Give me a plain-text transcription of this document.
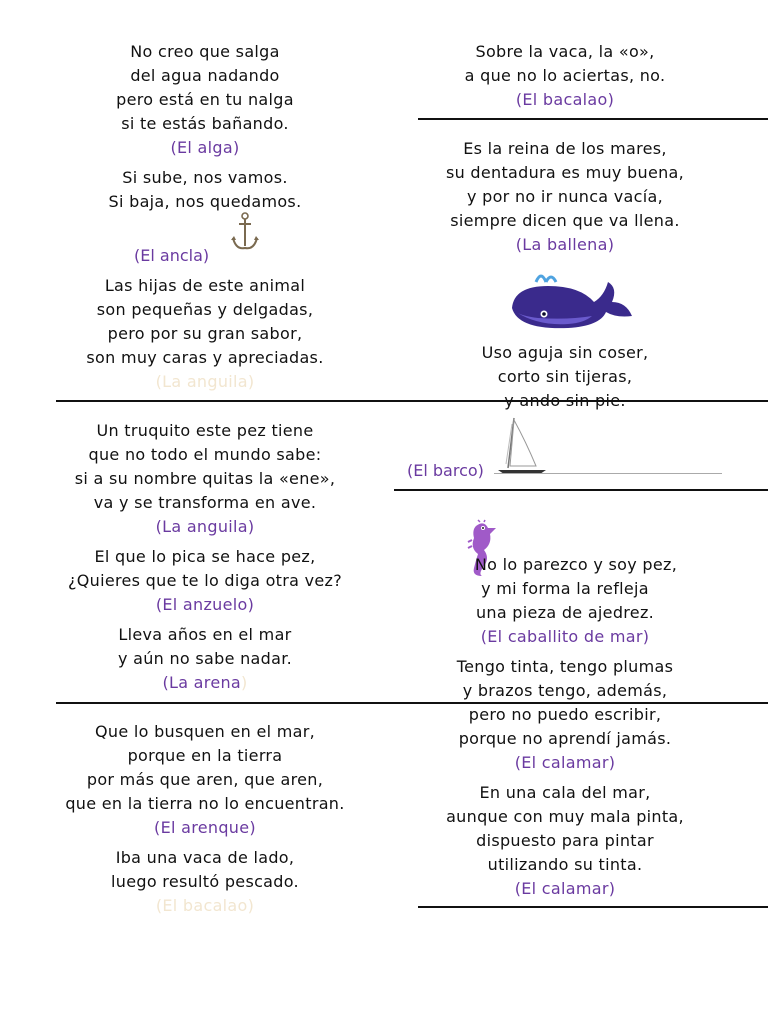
No creo que salga
del agua nadando
pero está en tu nalga
si te estás bañando.
(El alga)
Si sube, nos vamos.
Si baja, nos quedamos.
(El ancla)
Las hijas de este animal
son pequeñas y delgadas,
pero por su gran sabor,
son muy caras y apreciadas.
(La anguila)
Un truquito este pez tiene
que no todo el mundo sabe:
si a su nombre quitas la «ene»,
va y se transforma en ave.
(La anguila)
El que lo pica se hace pez,
¿Quieres que te lo diga otra vez?
(El anzuelo)
Lleva años en el mar
y aún no sabe nadar.
(La arena)
Que lo busquen en el mar,
porque en la tierra
por más que aren, que aren,
que en la tierra no lo encuentran.
(El arenque)
Iba una vaca de lado,
luego resultó pescado.
(El bacalao)
Sobre la vaca, la «o»,
a que no lo aciertas, no.
(El bacalao)
Es la reina de los mares,
su dentadura es muy buena,
y por no ir nunca vacía,
siempre dicen que va llena.
(La ballena)
Uso aguja sin coser,
corto sin tijeras,
y ando sin pie.
(El barco)
No lo parezco y soy pez,
y mi forma la refleja
una pieza de ajedrez.
(El caballito de mar)
Tengo tinta, tengo plumas
y brazos tengo, además,
pero no puedo escribir,
porque no aprendí jamás.
(El calamar)
En una cala del mar,
aunque con muy mala pinta,
dispuesto para pintar
utilizando su tinta.
(El calamar)
